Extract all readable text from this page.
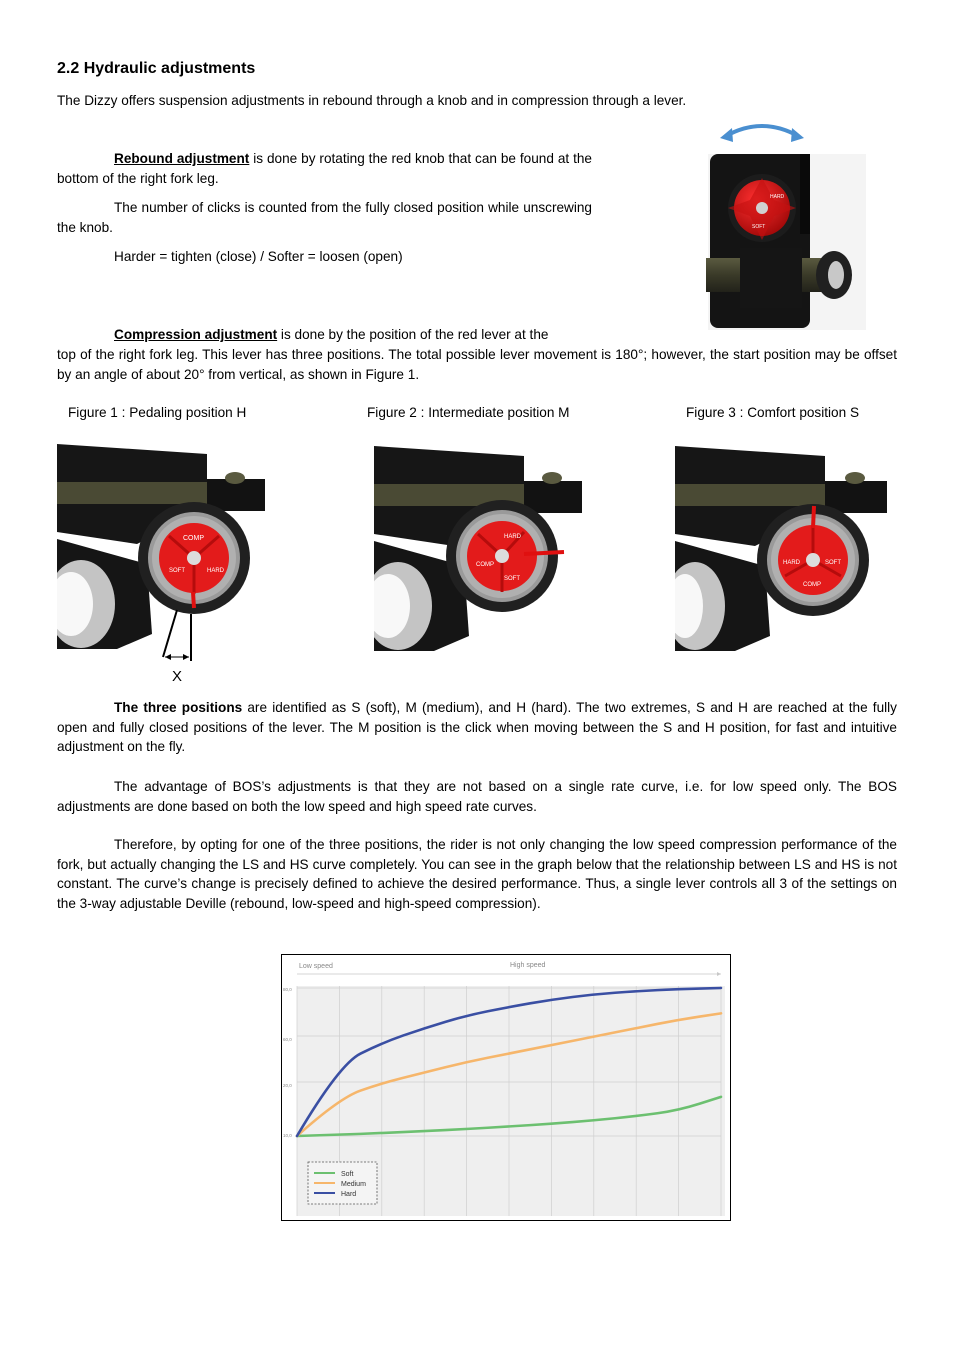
2.2 Hydraulic adjustments
The Dizzy offers suspension adjustments in rebound through a knob and in compression through a lever.
Rebound adjustment is done by rotating the red knob that can be found at the bottom of the right fork leg.
The number of clicks is counted from the fully closed position while unscrewing the knob.
Harder = tighten (close) / Softer = loosen (open)
HARD
SOFT
Compression adjustment is done by the position of the red lever at the
top of the right fork leg. This lever has three positions. The total possible lever movement is 180°; however, the start position may be offset by an angle of about 20° from vertical, as shown in Figure 1.
Figure 1 : Pedaling position H	Figure 2 : Intermediate position M	Figure 3 : Comfort position S
COMP
SOFT	HARD
X
HARD
COMP
SOFT
SOFT
HARD
COMP
The three positions are identified as S (soft), M (medium), and H (hard). The two extremes, S and H are reached at the fully open and fully closed positions of the lever. The M position is the click when moving between the S and H position, for fast and intuitive adjustment on the fly.
The advantage of BOS’s adjustments is that they are not based on a single rate curve, i.e. for low speed only. The BOS adjustments are done based on both the low speed and high speed rate curves.
Therefore, by opting for one of the three positions, the rider is not only changing the low speed compression performance of the fork, but actually changing the LS and HS curve completely. You can see in the graph below that the relationship between LS and HS is not constant. The curve’s change is precisely defined to achieve the desired performance. Thus, a single lever controls all 3 of the settings on the 3-way adjustable Deville (rebound, low-speed and high-speed compression).
Low speed	High speed
80,0
60,0
20,0
10,0
Soft
Medium
Hard
